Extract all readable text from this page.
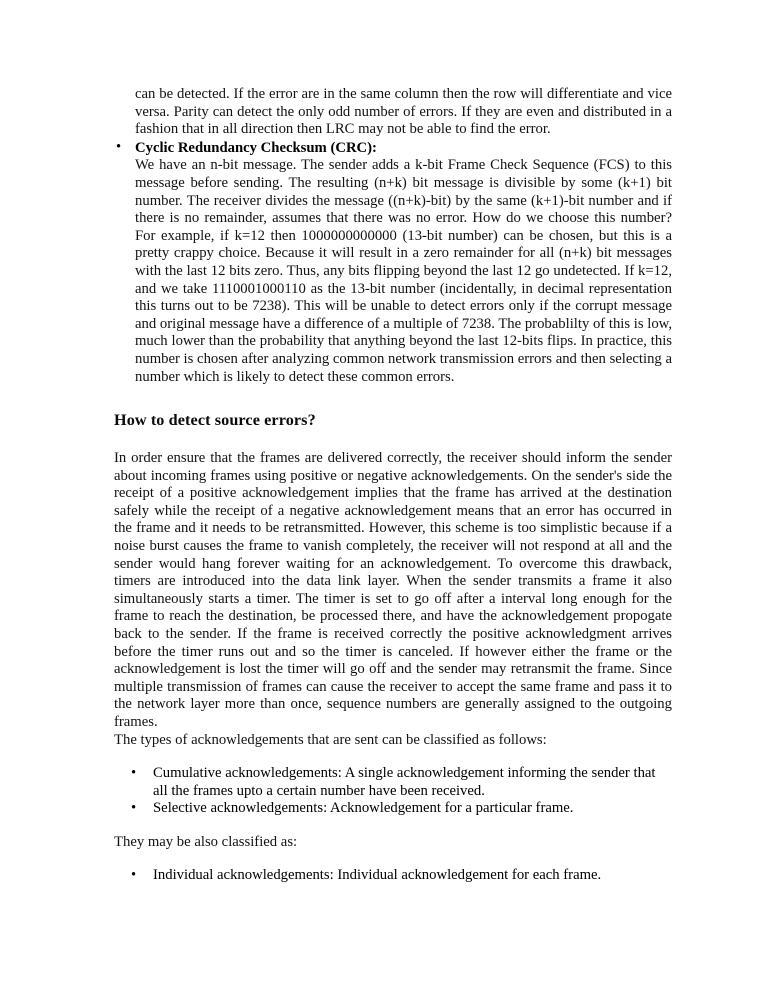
can be detected. If the error are in the same column then the row will differentiate and vice versa. Parity can detect the only odd number of errors. If they are even and distributed in a fashion that in all direction then LRC may not be able to find the error.

• Cyclic Redundancy Checksum (CRC):

We have an n-bit message. The sender adds a k-bit Frame Check Sequence (FCS) to this message before sending. The resulting (n+k) bit message is divisible by some (k+1) bit number. The receiver divides the message ((n+k)-bit) by the same (k+1)-bit number and if there is no remainder, assumes that there was no error. How do we choose this number? For example, if k=12 then 1000000000000 (13-bit number) can be chosen, but this is a pretty crappy choice. Because it will result in a zero remainder for all (n+k) bit messages with the last 12 bits zero. Thus, any bits flipping beyond the last 12 go undetected. If k=12, and we take 1110001000110 as the 13-bit number (incidentally, in decimal representation this turns out to be 7238). This will be unable to detect errors only if the corrupt message and original message have a difference of a multiple of 7238. The probablilty of this is low, much lower than the probability that anything beyond the last 12-bits flips. In practice, this number is chosen after analyzing common network transmission errors and then selecting a number which is likely to detect these common errors.

How to detect source errors?

In order ensure that the frames are delivered correctly, the receiver should inform the sender about incoming frames using positive or negative acknowledgements. On the sender's side the receipt of a positive acknowledgement implies that the frame has arrived at the destination safely while the receipt of a negative acknowledgement means that an error has occurred in the frame and it needs to be retransmitted. However, this scheme is too simplistic because if a noise burst causes the frame to vanish completely, the receiver will not respond at all and the sender would hang forever waiting for an acknowledgement. To overcome this drawback, timers are introduced into the data link layer. When the sender transmits a frame it also simultaneously starts a timer. The timer is set to go off after a interval long enough for the frame to reach the destination, be processed there, and have the acknowledgement propogate back to the sender. If the frame is received correctly the positive acknowledgment arrives before the timer runs out and so the timer is canceled. If however either the frame or the acknowledgement is lost the timer will go off and the sender may retransmit the frame. Since multiple transmission of frames can cause the receiver to accept the same frame and pass it to the network layer more than once, sequence numbers are generally assigned to the outgoing frames.

The types of acknowledgements that are sent can be classified as follows:

• Cumulative acknowledgements: A single acknowledgement informing the sender that all the frames upto a certain number have been received.
• Selective acknowledgements: Acknowledgement for a particular frame.

They may be also classified as:

• Individual acknowledgements: Individual acknowledgement for each frame.
